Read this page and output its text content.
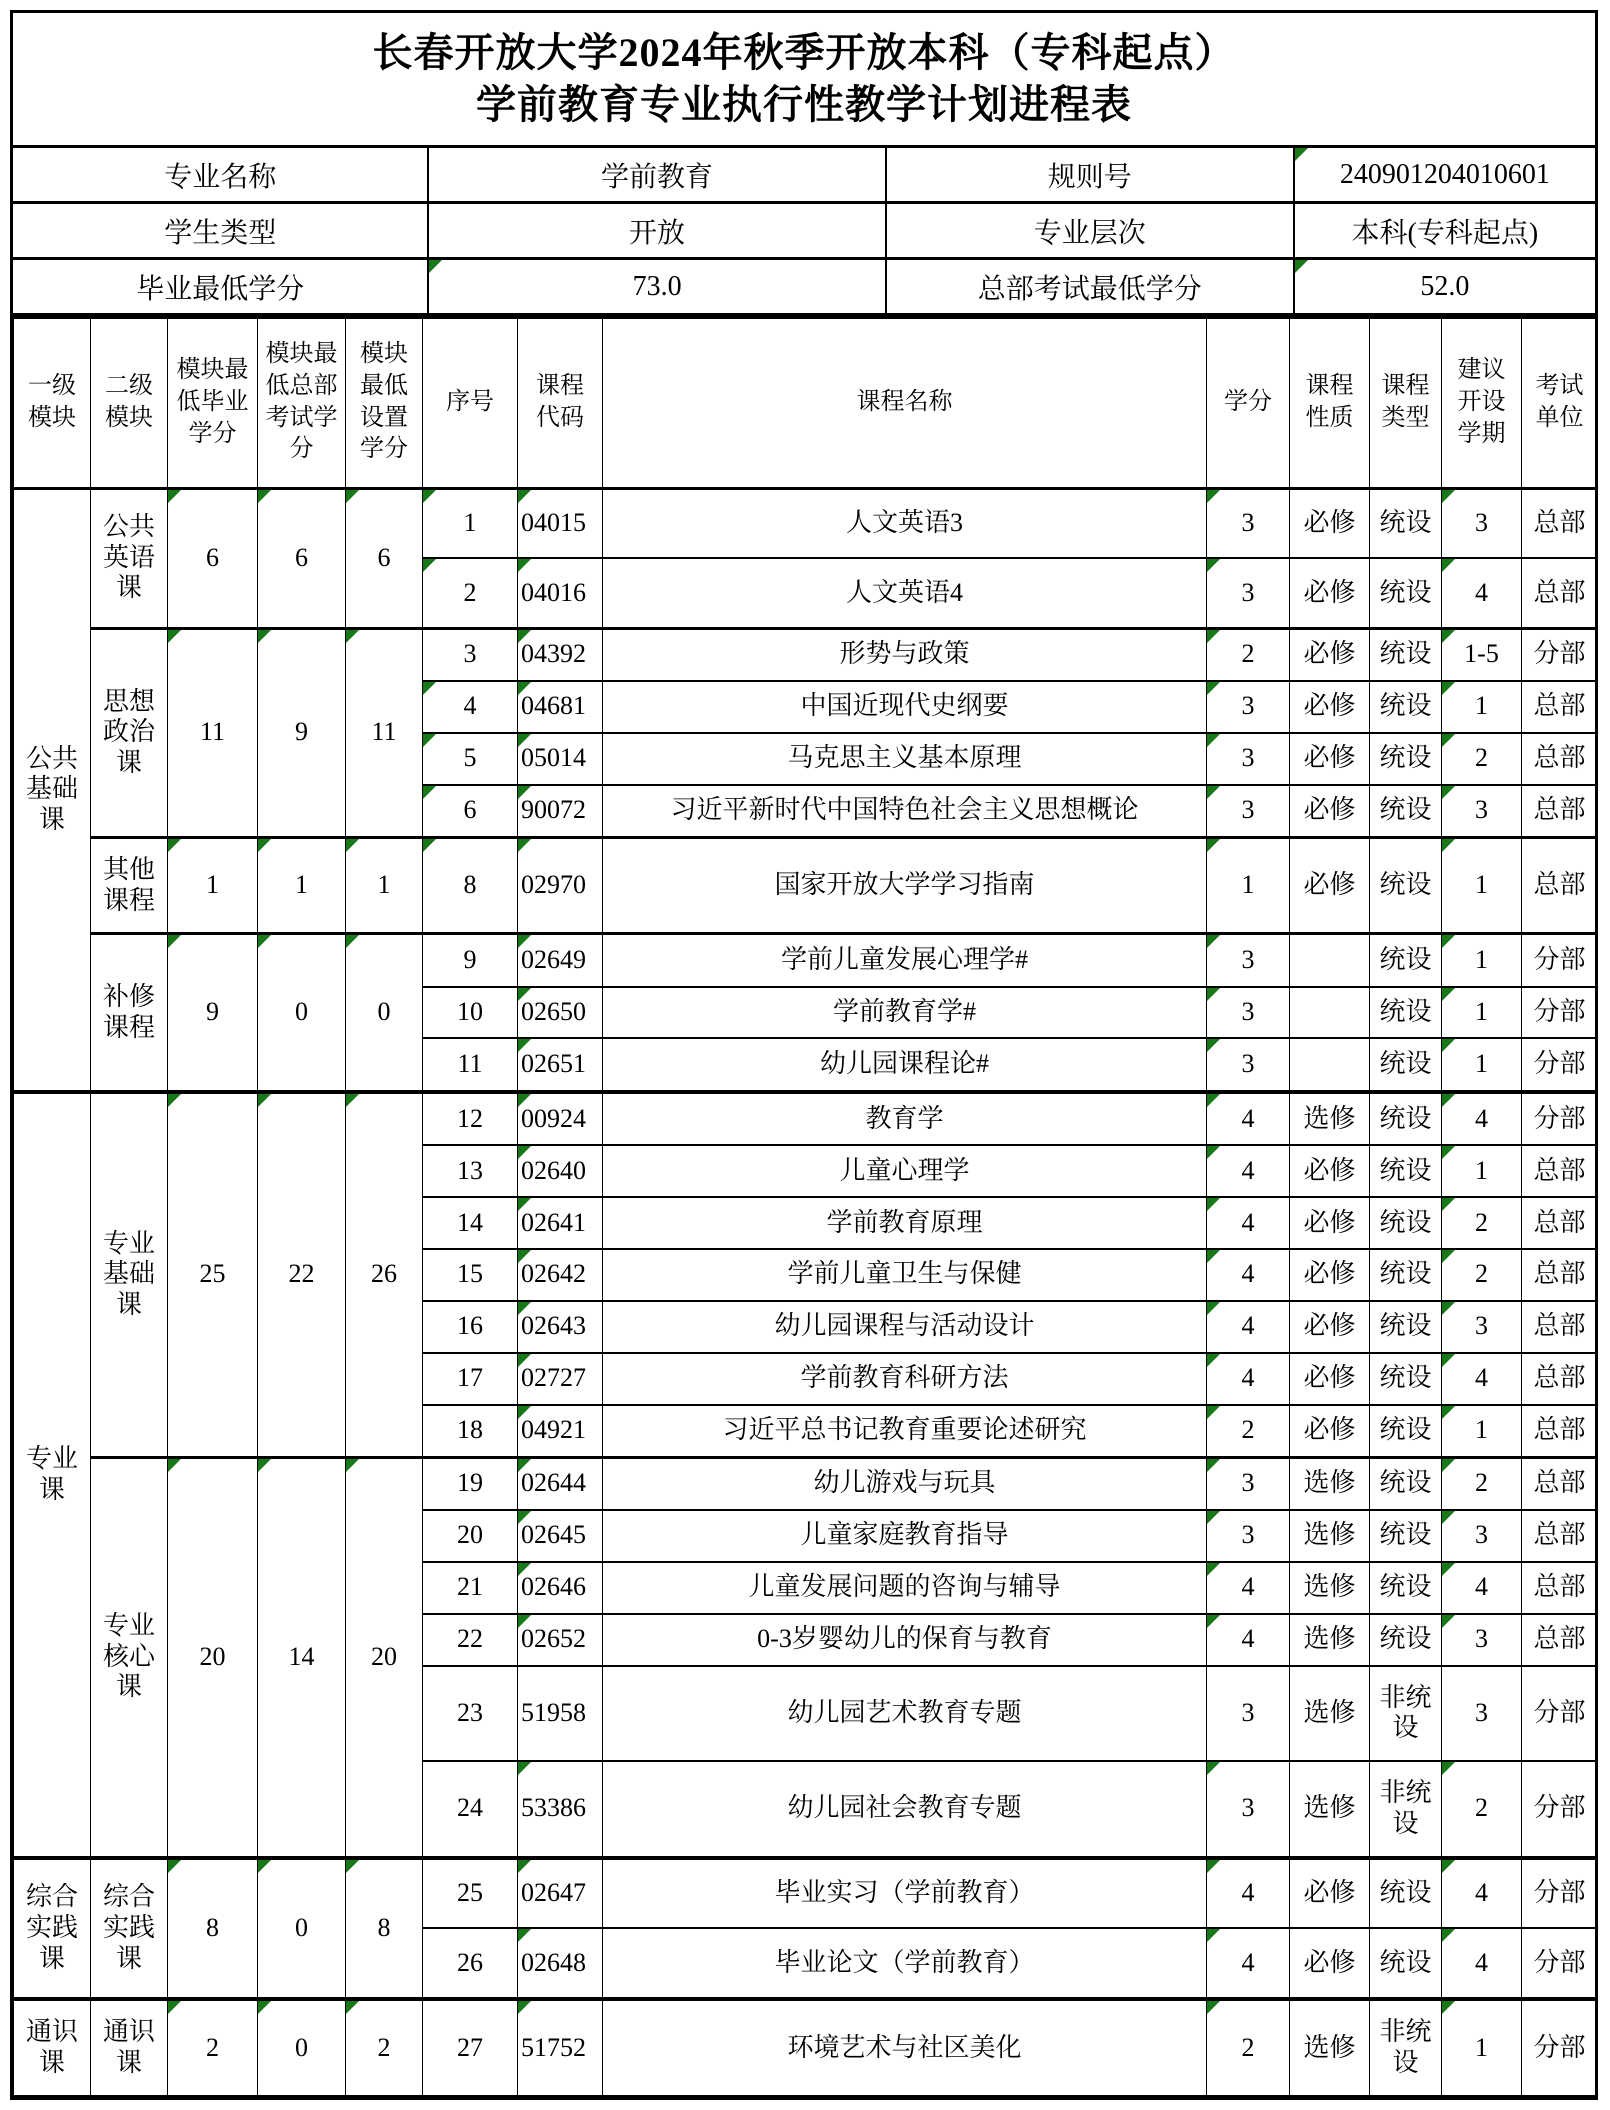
长春开放大学2024年秋季开放本科（专科起点）
学前教育专业执行性教学计划进程表
专业名称	学前教育	规则号	240901204010601
学生类型	开放	专业层次	本科(专科起点)
毕业最低学分	73.0	总部考试最低学分	52.0
一级模块	二级模块	模块最低毕业学分	模块最低总部考试学分	模块最低设置学分	序号	课程代码	课程名称	学分	课程性质	课程类型	建议开设学期	考试单位
公共基础课	公共英语课	6	6	6	1	04015	人文英语3	3	必修	统设	3	总部
					2	04016	人文英语4	3	必修	统设	4	总部
	思想政治课	11	9	11	3	04392	形势与政策	2	必修	统设	1-5	分部
					4	04681	中国近现代史纲要	3	必修	统设	1	总部
					5	05014	马克思主义基本原理	3	必修	统设	2	总部
					6	90072	习近平新时代中国特色社会主义思想概论	3	必修	统设	3	总部
	其他课程	1	1	1	8	02970	国家开放大学学习指南	1	必修	统设	1	总部
	补修课程	9	0	0	9	02649	学前儿童发展心理学#	3		统设	1	分部
					10	02650	学前教育学#	3		统设	1	分部
					11	02651	幼儿园课程论#	3		统设	1	分部
专业课	专业基础课	25	22	26	12	00924	教育学	4	选修	统设	4	分部
					13	02640	儿童心理学	4	必修	统设	1	总部
					14	02641	学前教育原理	4	必修	统设	2	总部
					15	02642	学前儿童卫生与保健	4	必修	统设	2	总部
					16	02643	幼儿园课程与活动设计	4	必修	统设	3	总部
					17	02727	学前教育科研方法	4	必修	统设	4	总部
					18	04921	习近平总书记教育重要论述研究	2	必修	统设	1	总部
	专业核心课	20	14	20	19	02644	幼儿游戏与玩具	3	选修	统设	2	总部
					20	02645	儿童家庭教育指导	3	选修	统设	3	总部
					21	02646	儿童发展问题的咨询与辅导	4	选修	统设	4	总部
					22	02652	0-3岁婴幼儿的保育与教育	4	选修	统设	3	总部
					23	51958	幼儿园艺术教育专题	3	选修	非统设	3	分部
					24	53386	幼儿园社会教育专题	3	选修	非统设	2	分部
综合实践课	综合实践课	8	0	8	25	02647	毕业实习（学前教育）	4	必修	统设	4	分部
					26	02648	毕业论文（学前教育）	4	必修	统设	4	分部
通识课	通识课	2	0	2	27	51752	环境艺术与社区美化	2	选修	非统设	1	分部
